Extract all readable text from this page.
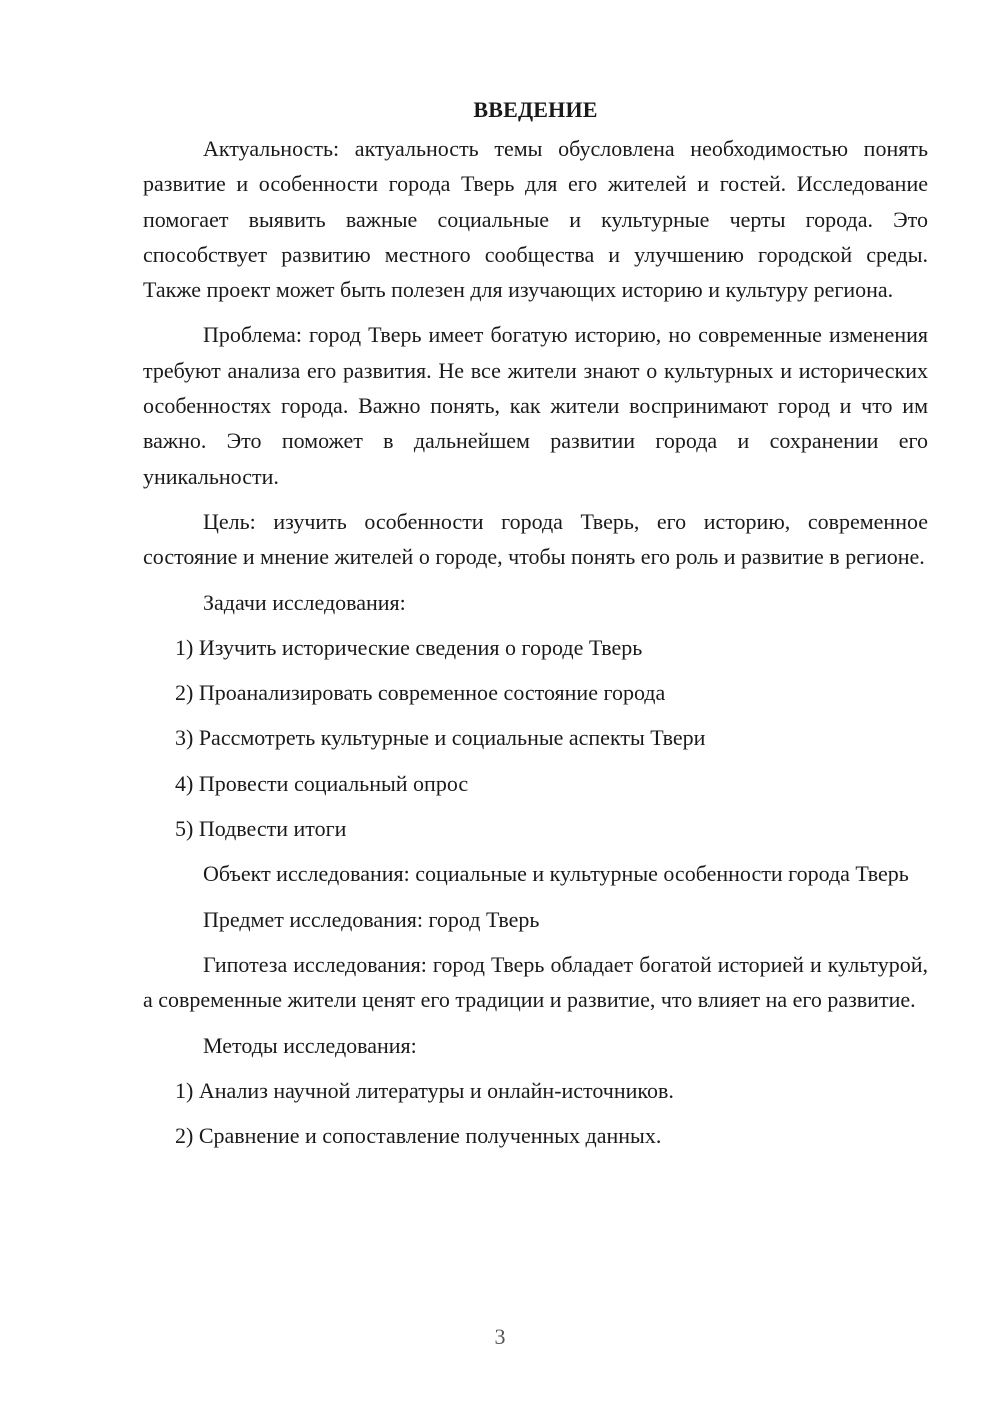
ВВЕДЕНИЕ

Актуальность: актуальность темы обусловлена необходимостью понять развитие и особенности города Тверь для его жителей и гостей. Исследование помогает выявить важные социальные и культурные черты города. Это способствует развитию местного сообщества и улучшению городской среды. Также проект может быть полезен для изучающих историю и культуру региона.

Проблема: город Тверь имеет богатую историю, но современные изменения требуют анализа его развития. Не все жители знают о культурных и исторических особенностях города. Важно понять, как жители воспринимают город и что им важно. Это поможет в дальнейшем развитии города и сохранении его уникальности.

Цель: изучить особенности города Тверь, его историю, современное состояние и мнение жителей о городе, чтобы понять его роль и развитие в регионе.

Задачи исследования:

1) Изучить исторические сведения о городе Тверь
2) Проанализировать современное состояние города
3) Рассмотреть культурные и социальные аспекты Твери
4) Провести социальный опрос
5) Подвести итоги

Объект исследования: социальные и культурные особенности города Тверь

Предмет исследования: город Тверь

Гипотеза исследования: город Тверь обладает богатой историей и культурой, а современные жители ценят его традиции и развитие, что влияет на его развитие.

Методы исследования:

1) Анализ научной литературы и онлайн-источников.
2) Сравнение и сопоставление полученных данных.
3
